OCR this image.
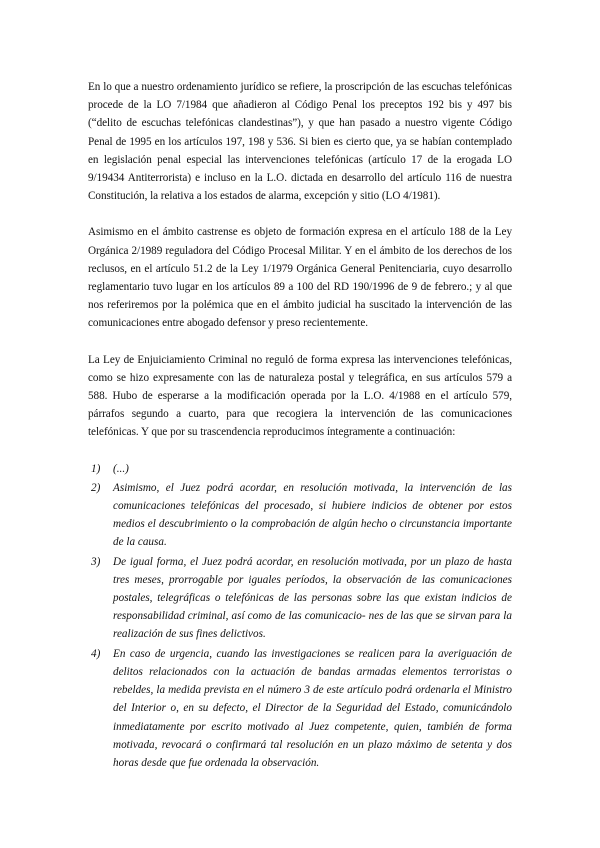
En lo que a nuestro ordenamiento jurídico se refiere, la proscripción de las escuchas telefónicas procede de la LO 7/1984 que añadieron al Código Penal los preceptos 192 bis y 497 bis (“delito de escuchas telefónicas clandestinas”), y que han pasado a nuestro vigente Código Penal de 1995 en los artículos 197, 198 y 536. Si bien es cierto que, ya se habían contemplado en legislación penal especial las intervenciones telefónicas (artículo 17 de la erogada LO 9/19434 Antiterrorista) e incluso en la L.O. dictada en desarrollo del artículo 116 de nuestra Constitución, la relativa a los estados de alarma, excepción y sitio (LO 4/1981).

Asimismo en el ámbito castrense es objeto de formación expresa en el artículo 188 de la Ley Orgánica 2/1989 reguladora del Código Procesal Militar. Y en el ámbito de los derechos de los reclusos, en el artículo 51.2 de la Ley 1/1979 Orgánica General Penitenciaria, cuyo desarrollo reglamentario tuvo lugar en los artículos 89 a 100 del RD 190/1996 de 9 de febrero.; y al que nos referiremos por la polémica que en el ámbito judicial ha suscitado la intervención de las comunicaciones entre abogado defensor y preso recientemente.

La Ley de Enjuiciamiento Criminal no reguló de forma expresa las intervenciones telefónicas, como se hizo expresamente con las de naturaleza postal y telegráfica, en sus artículos 579 a 588. Hubo de esperarse a la modificación operada por la L.O. 4/1988 en el artículo 579, párrafos segundo a cuarto, para que recogiera la intervención de las comunicaciones telefónicas. Y que por su trascendencia reproducimos íntegramente a continuación:

1) (...)
2) Asimismo, el Juez podrá acordar, en resolución motivada, la intervención de las comunicaciones telefónicas del procesado, si hubiere indicios de obtener por estos medios el descubrimiento o la comprobación de algún hecho o circunstancia importante de la causa.
3) De igual forma, el Juez podrá acordar, en resolución motivada, por un plazo de hasta tres meses, prorrogable por iguales períodos, la observación de las comunicaciones postales, telegráficas o telefónicas de las personas sobre las que existan indicios de responsabilidad criminal, así como de las comunicacio- nes de las que se sirvan para la realización de sus fines delictivos.
4) En caso de urgencia, cuando las investigaciones se realicen para la averiguación de delitos relacionados con la actuación de bandas armadas elementos terroristas o rebeldes, la medida prevista en el número 3 de este artículo podrá ordenarla el Ministro del Interior o, en su defecto, el Director de la Seguridad del Estado, comunicándolo inmediatamente por escrito motivado al Juez competente, quien, también de forma motivada, revocará o confirmará tal resolución en un plazo máximo de setenta y dos horas desde que fue ordenada la observación.
